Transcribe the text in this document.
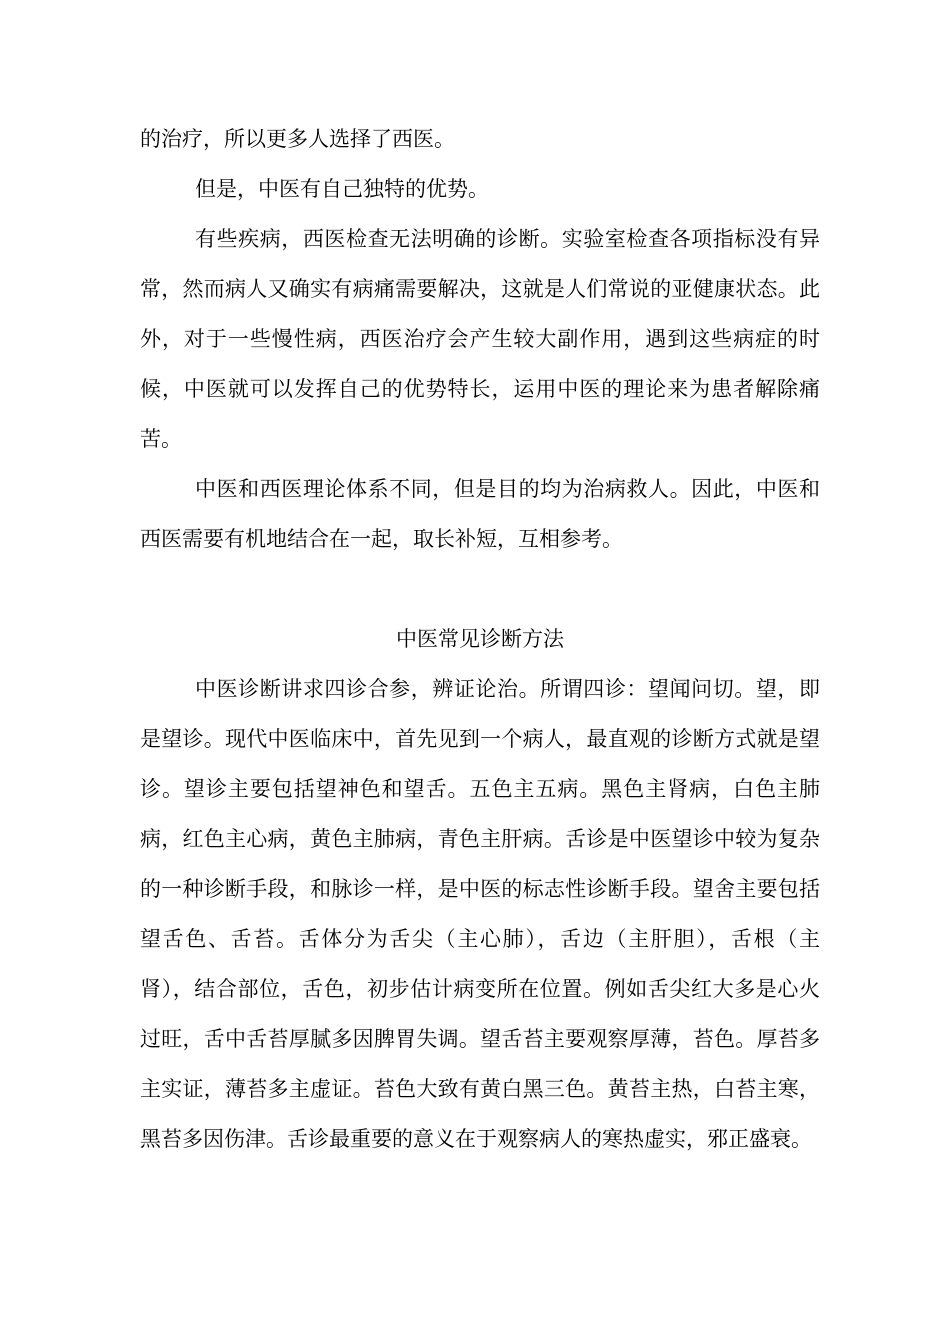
的治疗，所以更多人选择了西医。

但是，中医有自己独特的优势。

有些疾病，西医检查无法明确的诊断。实验室检查各项指标没有异常，然而病人又确实有病痛需要解决，这就是人们常说的亚健康状态。此外，对于一些慢性病，西医治疗会产生较大副作用，遇到这些病症的时候，中医就可以发挥自己的优势特长，运用中医的理论来为患者解除痛苦。

中医和西医理论体系不同，但是目的均为治病救人。因此，中医和西医需要有机地结合在一起，取长补短，互相参考。

中医常见诊断方法

中医诊断讲求四诊合参，辨证论治。所谓四诊：望闻问切。望，即是望诊。现代中医临床中，首先见到一个病人，最直观的诊断方式就是望诊。望诊主要包括望神色和望舌。五色主五病。黑色主肾病，白色主肺病，红色主心病，黄色主肺病，青色主肝病。舌诊是中医望诊中较为复杂的一种诊断手段，和脉诊一样，是中医的标志性诊断手段。望舍主要包括望舌色、舌苔。舌体分为舌尖（主心肺），舌边（主肝胆），舌根（主肾），结合部位，舌色，初步估计病变所在位置。例如舌尖红大多是心火过旺，舌中舌苔厚腻多因脾胃失调。望舌苔主要观察厚薄，苔色。厚苔多主实证，薄苔多主虚证。苔色大致有黄白黑三色。黄苔主热，白苔主寒，黑苔多因伤津。舌诊最重要的意义在于观察病人的寒热虚实，邪正盛衰。
